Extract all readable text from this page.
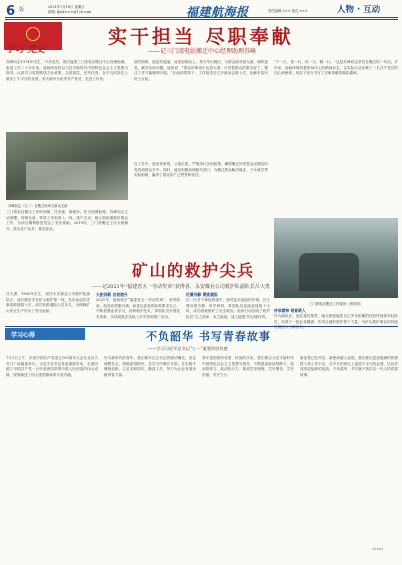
6 版	2021年7月18日 星期日
邮箱: fjmk×××@126.com	福建航海报	责任编辑:××× 版式:×××	人物 · 互动
学习 党史
实干担当 尽职奉献
——记三门湾电站搬迁中心经理助理苏峰
苏峰同志1974年出生，中共党员，现任福建三门湾电站搬迁中心经理助理。参加工作二十多年来，他始终坚持以习近平新时代中国特色社会主义思想为指导，认真学习党的路线方针政策，扎根基层，任劳任怨，在平凡的岗位上做出了不平凡的业绩，多次被评为优秀共产党员、先进工作者。
苏峰同志（左二）在搬迁现场与群众交流
三门湾电站搬迁工作时间紧、任务重、困难多。作为经理助理，苏峰同志主动请缨，冲锋在前，带领工作组深入一线，逐户走访，耐心细致地做好群众工作，为项目顺利推进奠定了坚实基础。2019年，三门湾搬迁工作全面铺开，涉及住户众多，情况复杂。
面对困难，他没有退缩，而是迎难而上，每天早出晚归，与群众面对面交流，倾听意见，解决实际问题。他常说：“群众的事再小也是大事，只有把群众的事办好了，搬迁工作才能顺利开展。”在他的带领下，工作组先后召开座谈会数十次，化解矛盾纠纷上百起。
在工作中，他坚持原则，公道正派，严格执行各项政策，确保搬迁补偿资金足额及时发放到群众手中。同时，他还积极协调相关部门，为搬迁群众解决就业、子女就学等实际困难，赢得了群众的广泛赞誉和信任。
“干一行，爱一行，钻一行，精一行。”这是苏峰同志常挂在嘴边的一句话。多年来，他始终保持着昂扬向上的精神状态，以实际行动诠释了一名共产党员的初心和使命，用实干担当书写了尽职奉献的精彩篇章。
三门湾电站搬迁工作现场（资料图）
矿山的救护尖兵
——记2021年“福建省五一劳动奖章”获得者、永安煤业公司救护队副队长吕大勇
吕大勇，1980年出生，现任永安煤业公司救护队副队长。他长期坚守在矿山救护第一线，先后参加各类事故救援数十次，成功营救遇险人员多名，为保障矿山安全生产作出了突出贡献。
大胆创新 自我提升
2021年，他被授予“福建省五一劳动奖章”。荣誉面前，他没有骄傲自满，而是以更高的标准要求自己，不断加强业务学习，钻研救护技术，带领队员开展技术革新，多项成果在实际工作中得到推广应用。
沉着冷静 勇挑重担
在一次井下事故救援中，面对复杂危险的环境，吕大勇沉着冷静，科学研判，带领队员连续奋战数十小时，成功将被困矿工安全救出。他用行动证明了救护队员“召之即来、来之能战、战之能胜”的过硬作风。
传承精神 培育新人
作为副队长，他注重传帮带，毫无保留地将自己多年积累的经验传授给年轻队员，培养了一批业务精湛、作风过硬的救护骨干力量，为矿山救护事业的持续发展注入了新活力。
学习心得	不负韶华 书写青春故事
——学习习近平总书记“七一”重要讲话有感
7月1日上午，庆祝中国共产党成立100周年大会在北京天安门广场隆重举行。习近平总书记发表重要讲话，全面回顾了中国共产党一百年来团结带领中国人民创造的伟大成就，深刻阐述了伟大建党精神的丰富内涵。
作为新时代的青年，我们要牢记总书记的殷切嘱托，坚定理想信念，厚植爱国情怀，在学习中增长本领，在实践中锤炼品格，立足本职岗位，勤奋工作，努力为企业发展贡献青春力量。
青年是国家的希望，民族的未来。我们要以习近平新时代中国特色社会主义思想为指导，不断提高政治判断力、政治领悟力、政治执行力，做到学史明理、学史增信、学史崇德、学史力行。
新征程已经开启，新使命催人奋进。我们要以更加饱满的热情投入到工作中去，在平凡的岗位上创造不平凡的业绩，以优异成绩迎接新的挑战，不负韶华，书写属于我们这一代人的青春故事。
（×××）
